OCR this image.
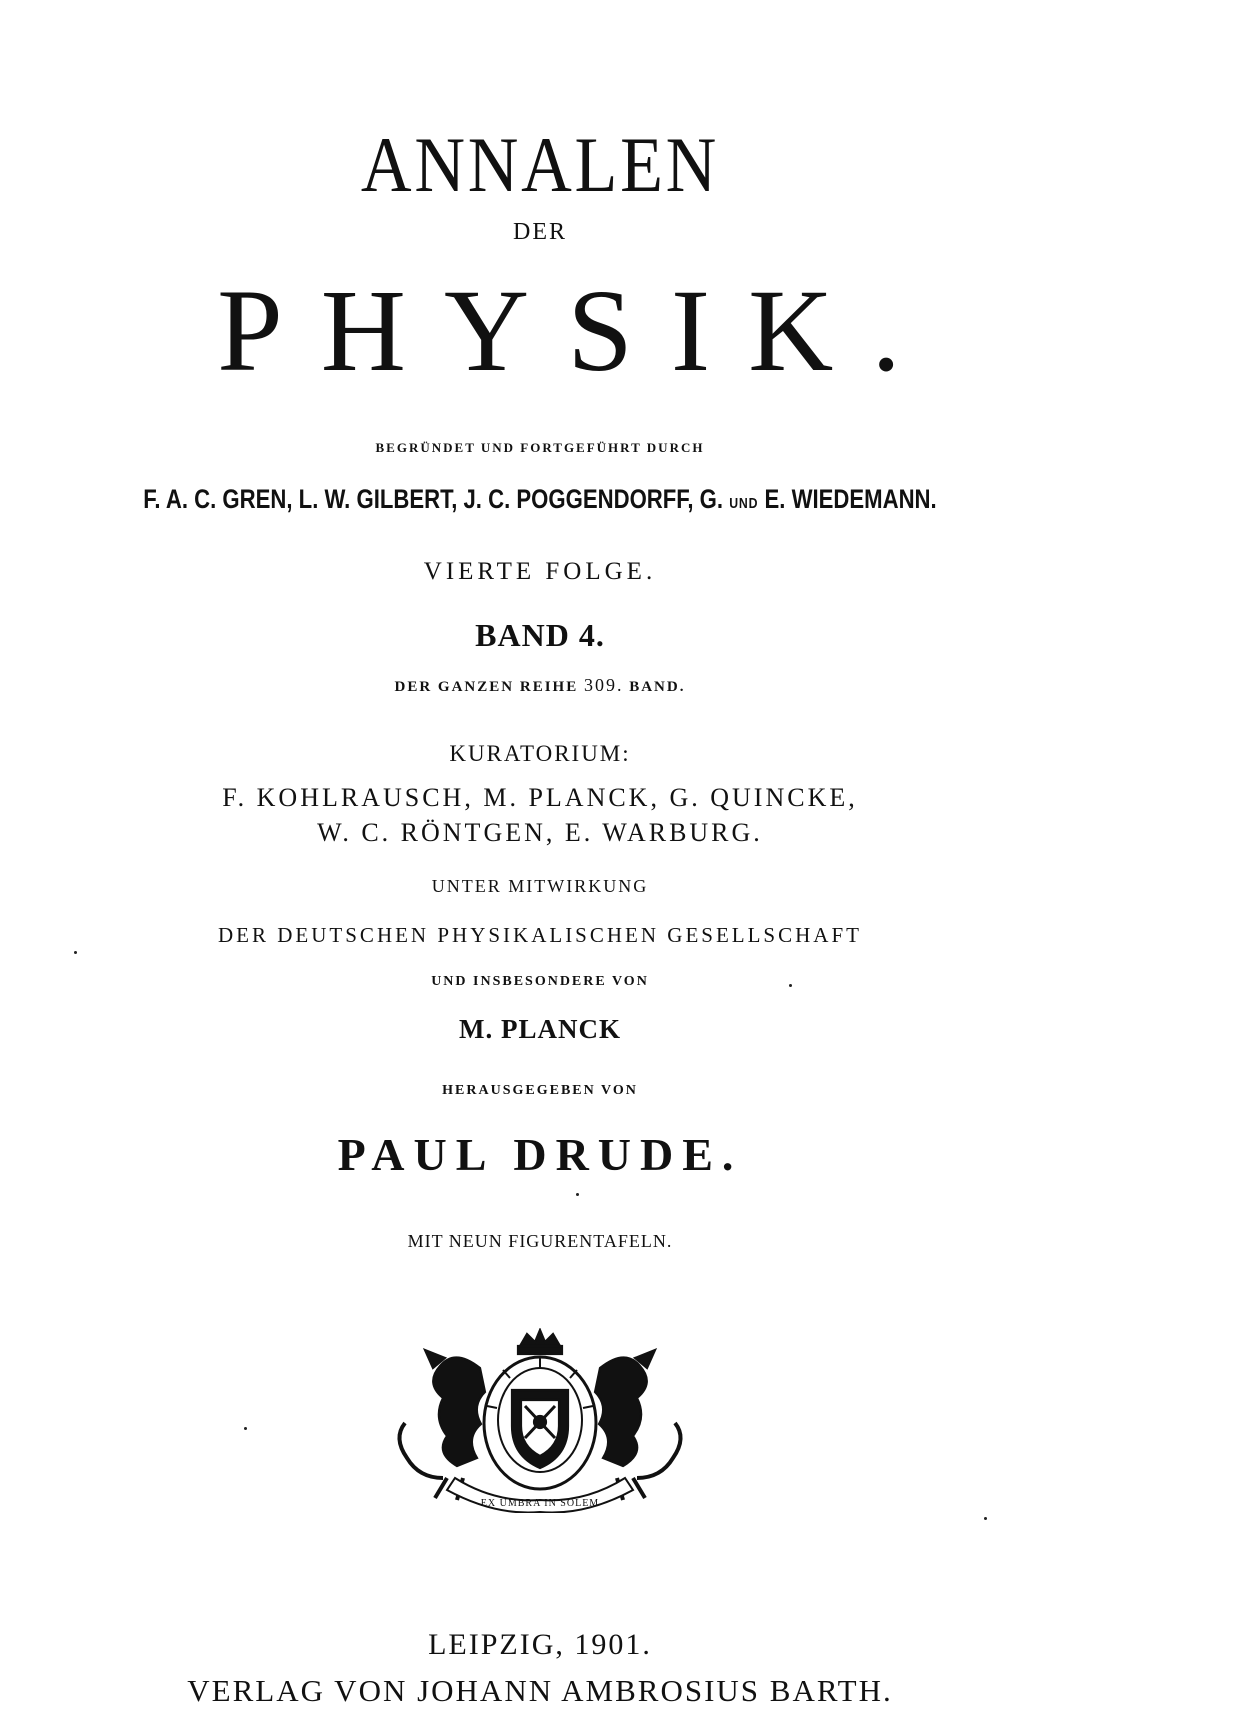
ANNALEN
DER
PHYSIK.
BEGRÜNDET UND FORTGEFÜHRT DURCH
F. A. C. GREN, L. W. GILBERT, J. C. POGGENDORFF, G. UND E. WIEDEMANN.
VIERTE FOLGE.
BAND 4.
DER GANZEN REIHE 309. BAND.
KURATORIUM:
F. KOHLRAUSCH, M. PLANCK, G. QUINCKE,
W. C. RÖNTGEN, E. WARBURG.
UNTER MITWIRKUNG
DER DEUTSCHEN PHYSIKALISCHEN GESELLSCHAFT
UND INSBESONDERE VON
M. PLANCK
HERAUSGEGEBEN VON
PAUL DRUDE.
MIT NEUN FIGURENTAFELN.
EX UMBRA IN SOLEM
LEIPZIG, 1901.
VERLAG VON JOHANN AMBROSIUS BARTH.
